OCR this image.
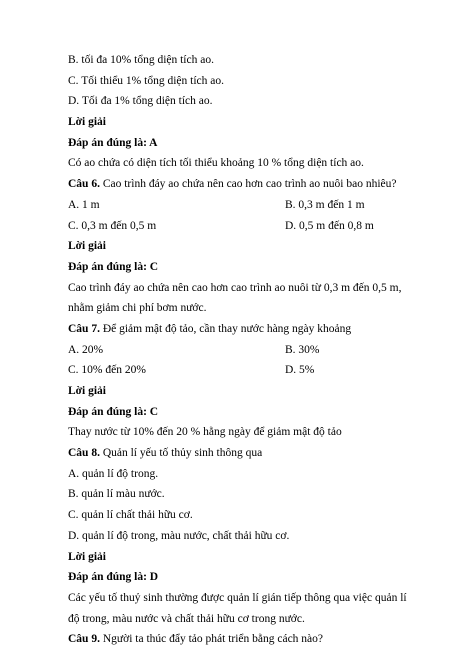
B. tối đa 10% tổng diện tích ao.
C. Tối thiểu 1% tổng diện tích ao.
D. Tối đa 1% tổng diện tích ao.
Lời giải
Đáp án đúng là: A
Có ao chứa có diện tích tối thiểu khoảng 10 % tổng diện tích ao.
Câu 6. Cao trình đáy ao chứa nên cao hơn cao trình ao nuôi bao nhiêu?
A. 1 m	B. 0,3 m đến 1 m
C. 0,3 m đến 0,5 m	D. 0,5 m đến 0,8 m
Lời giải
Đáp án đúng là: C
Cao trình đáy ao chứa nên cao hơn cao trình ao nuôi từ 0,3 m đến 0,5 m,
nhằm giảm chi phí bơm nước.
Câu 7. Để giảm mật độ tảo, cần thay nước hàng ngày khoảng
A. 20%	B. 30%
C. 10% đến 20%	D. 5%
Lời giải
Đáp án đúng là: C
Thay nước từ 10% đến 20 % hằng ngày để giảm mật độ tảo
Câu 8. Quản lí yếu tố thủy sinh thông qua
A. quản lí độ trong.
B. quản lí màu nước.
C. quản lí chất thải hữu cơ.
D. quản lí độ trong, màu nước, chất thải hữu cơ.
Lời giải
Đáp án đúng là: D
Các yếu tố thuỷ sinh thường được quản lí gián tiếp thông qua việc quản lí
độ trong, màu nước và chất thải hữu cơ trong nước.
Câu 9. Người ta thúc đẩy tảo phát triển bằng cách nào?
